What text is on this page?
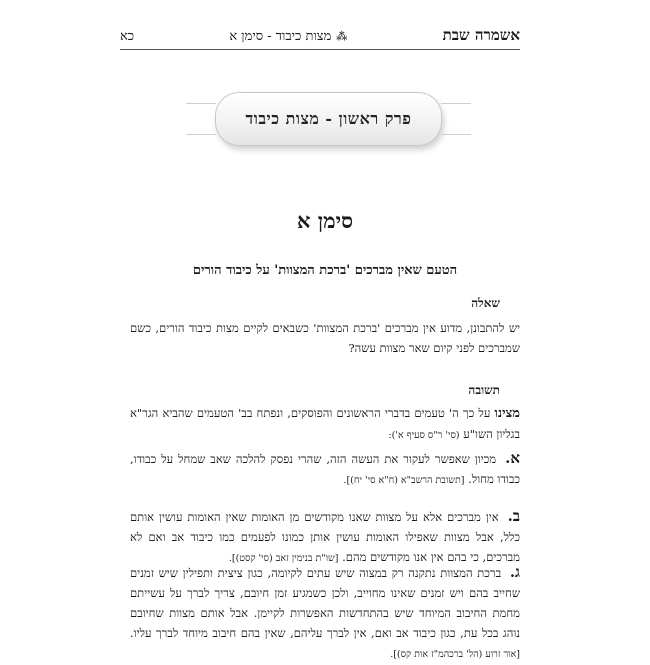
אשמרה שבת
⁂ מצות כיבוד - סימן א
כא
פרק ראשון - מצות כיבוד
סימן א
הטעם שאין מברכים 'ברכת המצוות' על כיבוד הורים
שאלה
יש להתבונן, מדוע אין מברכים 'ברכת המצוות' כשבאים לקיים מצות כיבוד הורים, כשם שמברכים לפני קיום שאר מצוות עשה?
תשובה
מצינו על כך ה' טעמים בדברי הראשונים והפוסקים, ונפתח בב' הטעמים שהביא הגר"א בגליון השו"ע (סי' ר"ס סעיף א'):
א. מכיון שאפשר לעקור את העשה הזה, שהרי נפסק להלכה שאב שמחל על כבודו, כבודו מחול. [תשובת הרשב"א (ח"א סי' יח)].
ב. אין מברכים אלא על מצוות שאנו מקודשים מן האומות שאין האומות עושין אותם כלל, אבל מצוות שאפילו האומות עושין אותן כמונו לפעמים כמו כיבוד אב ואם לא מברכים, כי בהם אין אנו מקודשים מהם. [שו"ת בנימין זאב (סי' קסט)].
ג. ברכת המצוות נתקנה רק במצוה שיש עתים לקיומה, כגון ציצית ותפילין שיש זמנים שחייב בהם ויש זמנים שאינו מחוייב, ולכן כשמגיע זמן חיובם, צריך לברך על עשייתם מחמת החיבוב המיוחד שיש בהתחדשות האפשרות לקיימן. אבל אותם מצוות שחיובם נוהג בכל עת, כגון כיבוד אב ואם, אין לברך עליהם, שאין בהם חיבוב מיוחד לברך עליו. [אור זרוע (הל' ברכהמ"ז אות קס)].
